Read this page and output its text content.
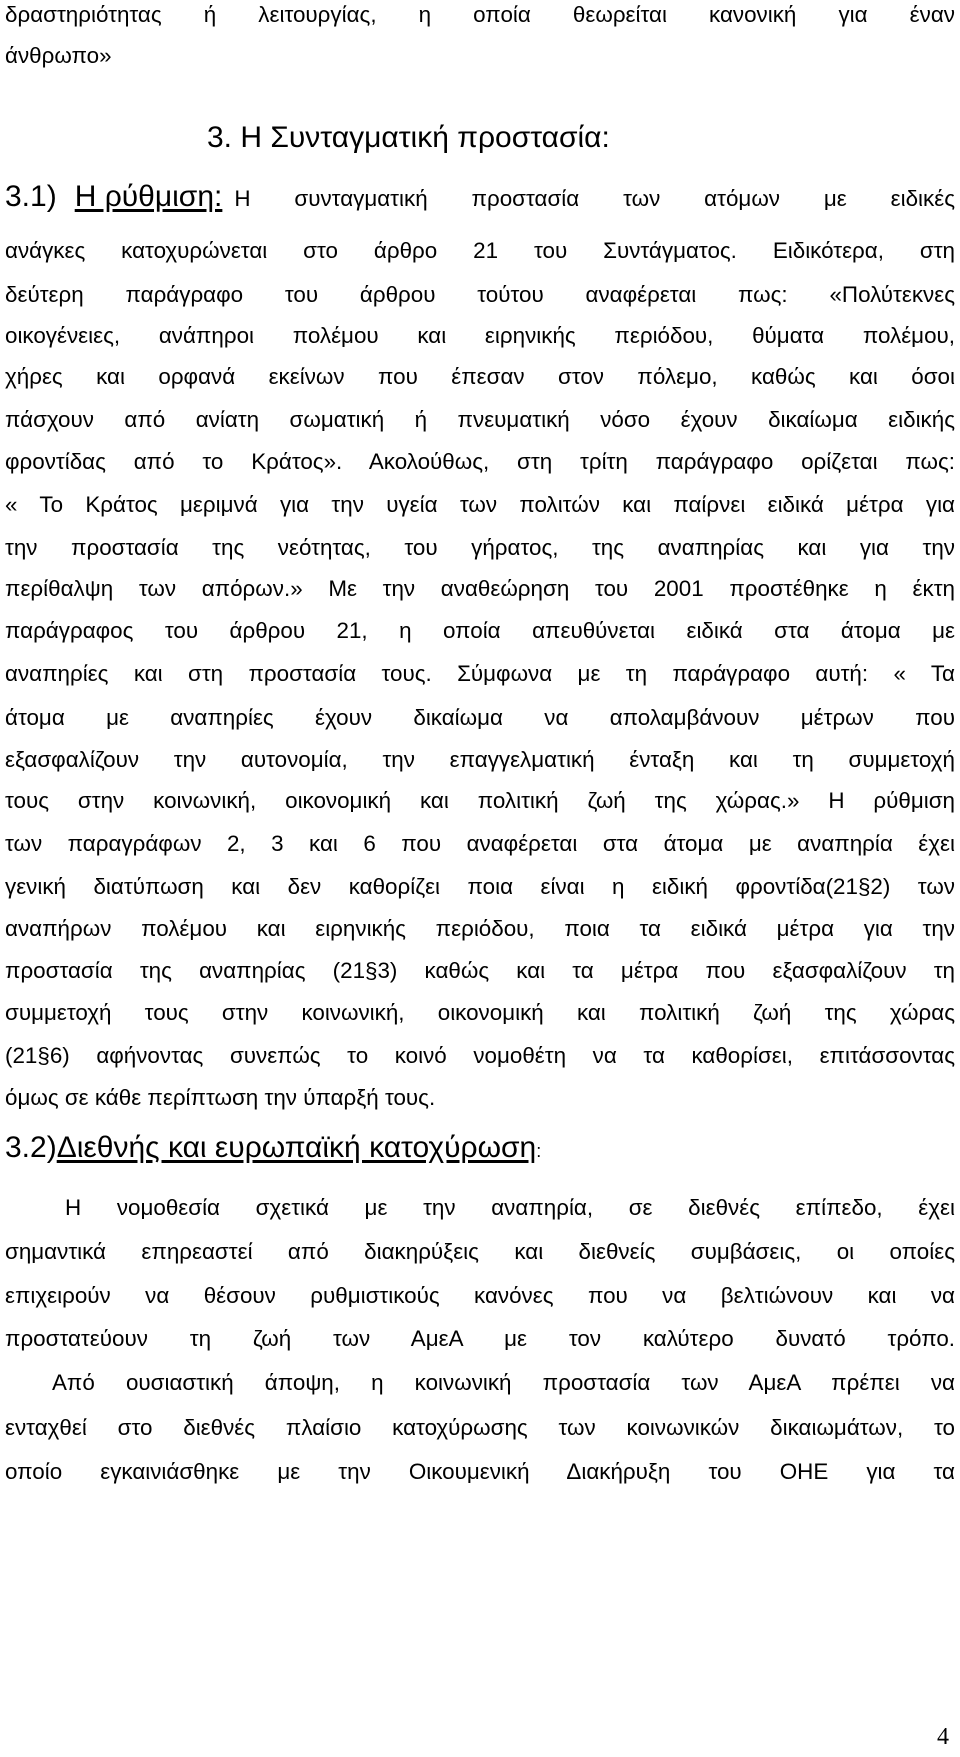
δραστηριότητας ή λειτουργίας, η οποία θεωρείται κανονική για έναν
άνθρωπο»
3. Η Συνταγματική προστασία:
3.1) Η ρύθμιση: Η συνταγματική προστασία των ατόμων με ειδικές
ανάγκες κατοχυρώνεται στο άρθρο 21 του Συντάγματος. Ειδικότερα, στη
δεύτερη παράγραφο του άρθρου τούτου αναφέρεται πως: «Πολύτεκνες
οικογένειες, ανάπηροι πολέμου και ειρηνικής περιόδου, θύματα πολέμου,
χήρες και ορφανά εκείνων που έπεσαν στον πόλεμο, καθώς και όσοι
πάσχουν από ανίατη σωματική ή πνευματική νόσο έχουν δικαίωμα ειδικής
φροντίδας από το Κράτος». Ακολούθως, στη τρίτη παράγραφο ορίζεται πως:
« Το Κράτος μεριμνά για την υγεία των πολιτών και παίρνει ειδικά μέτρα για
την προστασία της νεότητας, του γήρατος, της αναπηρίας και για την
περίθαλψη των απόρων.» Με την αναθεώρηση του 2001 προστέθηκε η έκτη
παράγραφος του άρθρου 21, η οποία απευθύνεται ειδικά στα άτομα με
αναπηρίες και στη προστασία τους. Σύμφωνα με τη παράγραφο αυτή: « Τα
άτομα με αναπηρίες έχουν δικαίωμα να απολαμβάνουν μέτρων που
εξασφαλίζουν την αυτονομία, την επαγγελματική ένταξη και τη συμμετοχή
τους στην κοινωνική, οικονομική και πολιτική ζωή της χώρας.» Η ρύθμιση
των παραγράφων 2, 3 και 6 που αναφέρεται στα άτομα με αναπηρία έχει
γενική διατύπωση και δεν καθορίζει ποια είναι η ειδική φροντίδα(21§2) των
αναπήρων πολέμου και ειρηνικής περιόδου, ποια τα ειδικά μέτρα για την
προστασία της αναπηρίας (21§3) καθώς και τα μέτρα που εξασφαλίζουν τη
συμμετοχή τους στην κοινωνική, οικονομική και πολιτική ζωή της χώρας
(21§6) αφήνοντας συνεπώς το κοινό νομοθέτη να τα καθορίσει, επιτάσσοντας
όμως σε κάθε περίπτωση την ύπαρξή τους.
3.2)Διεθνής και ευρωπαϊκή κατοχύρωση:
Η νομοθεσία σχετικά με την αναπηρία, σε διεθνές επίπεδο, έχει
σημαντικά επηρεαστεί από διακηρύξεις και διεθνείς συμβάσεις, οι οποίες
επιχειρούν να θέσουν ρυθμιστικούς κανόνες που να βελτιώνουν και να
προστατεύουν τη ζωή των ΑμεΑ με τον καλύτερο δυνατό τρόπο.
Από ουσιαστική άποψη, η κοινωνική προστασία των ΑμεΑ πρέπει να
ενταχθεί στο διεθνές πλαίσιο κατοχύρωσης των κοινωνικών δικαιωμάτων, το
οποίο εγκαινιάσθηκε με την Οικουμενική Διακήρυξη του ΟΗΕ για τα
4
